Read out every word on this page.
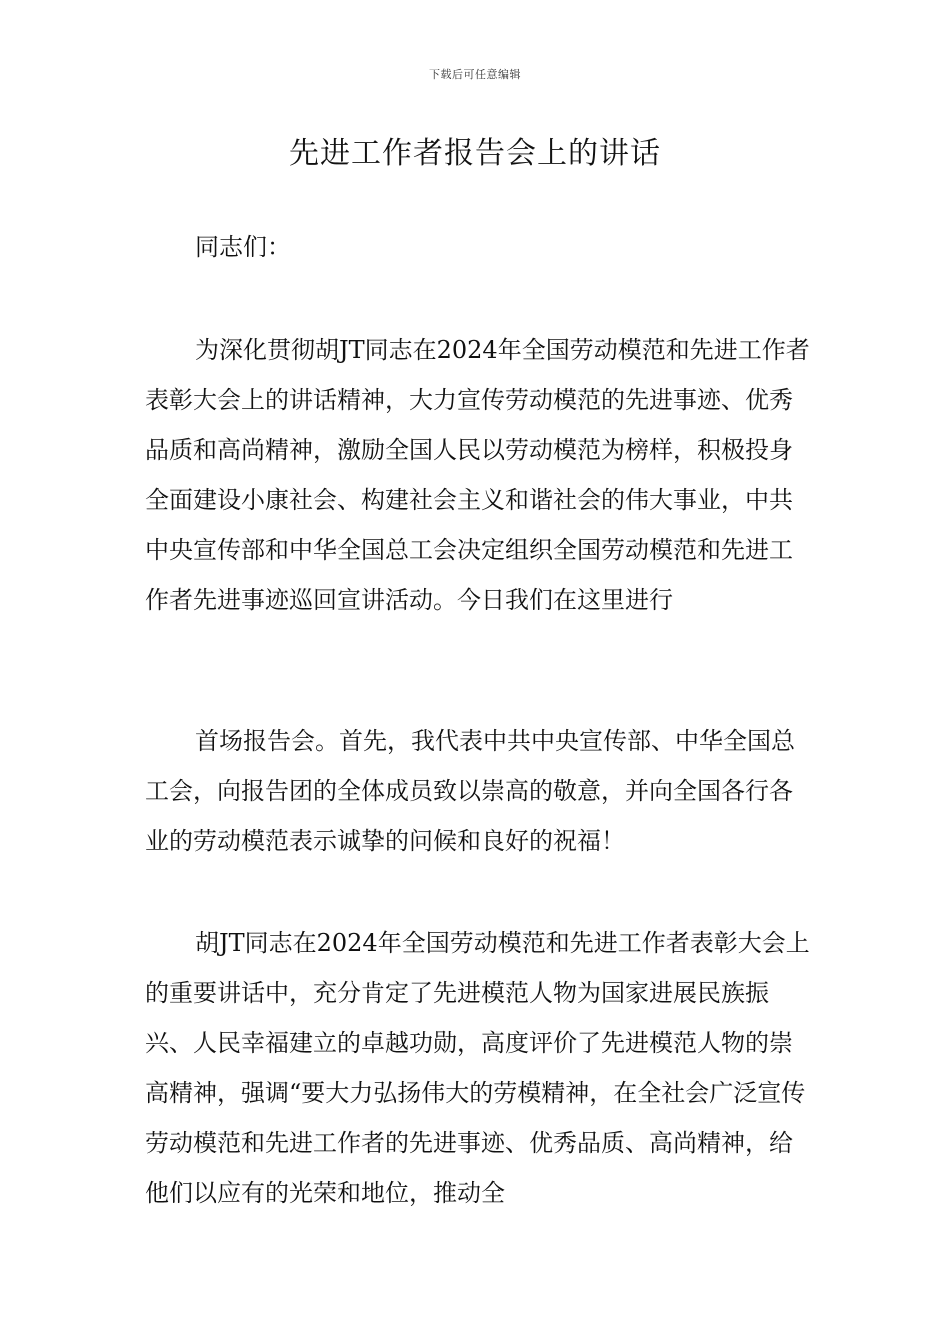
下载后可任意编辑
先进工作者报告会上的讲话

同志们：

为深化贯彻胡JT同志在2024年全国劳动模范和先进工作者表彰大会上的讲话精神，大力宣传劳动模范的先进事迹、优秀品质和高尚精神，激励全国人民以劳动模范为榜样，积极投身全面建设小康社会、构建社会主义和谐社会的伟大事业，中共中央宣传部和中华全国总工会决定组织全国劳动模范和先进工作者先进事迹巡回宣讲活动。今日我们在这里进行

首场报告会。首先，我代表中共中央宣传部、中华全国总工会，向报告团的全体成员致以崇高的敬意，并向全国各行各业的劳动模范表示诚挚的问候和良好的祝福！

胡JT同志在2024年全国劳动模范和先进工作者表彰大会上的重要讲话中，充分肯定了先进模范人物为国家进展民族振兴、人民幸福建立的卓越功勋，高度评价了先进模范人物的崇高精神，强调“要大力弘扬伟大的劳模精神，在全社会广泛宣传劳动模范和先进工作者的先进事迹、优秀品质、高尚精神，给他们以应有的光荣和地位，推动全
